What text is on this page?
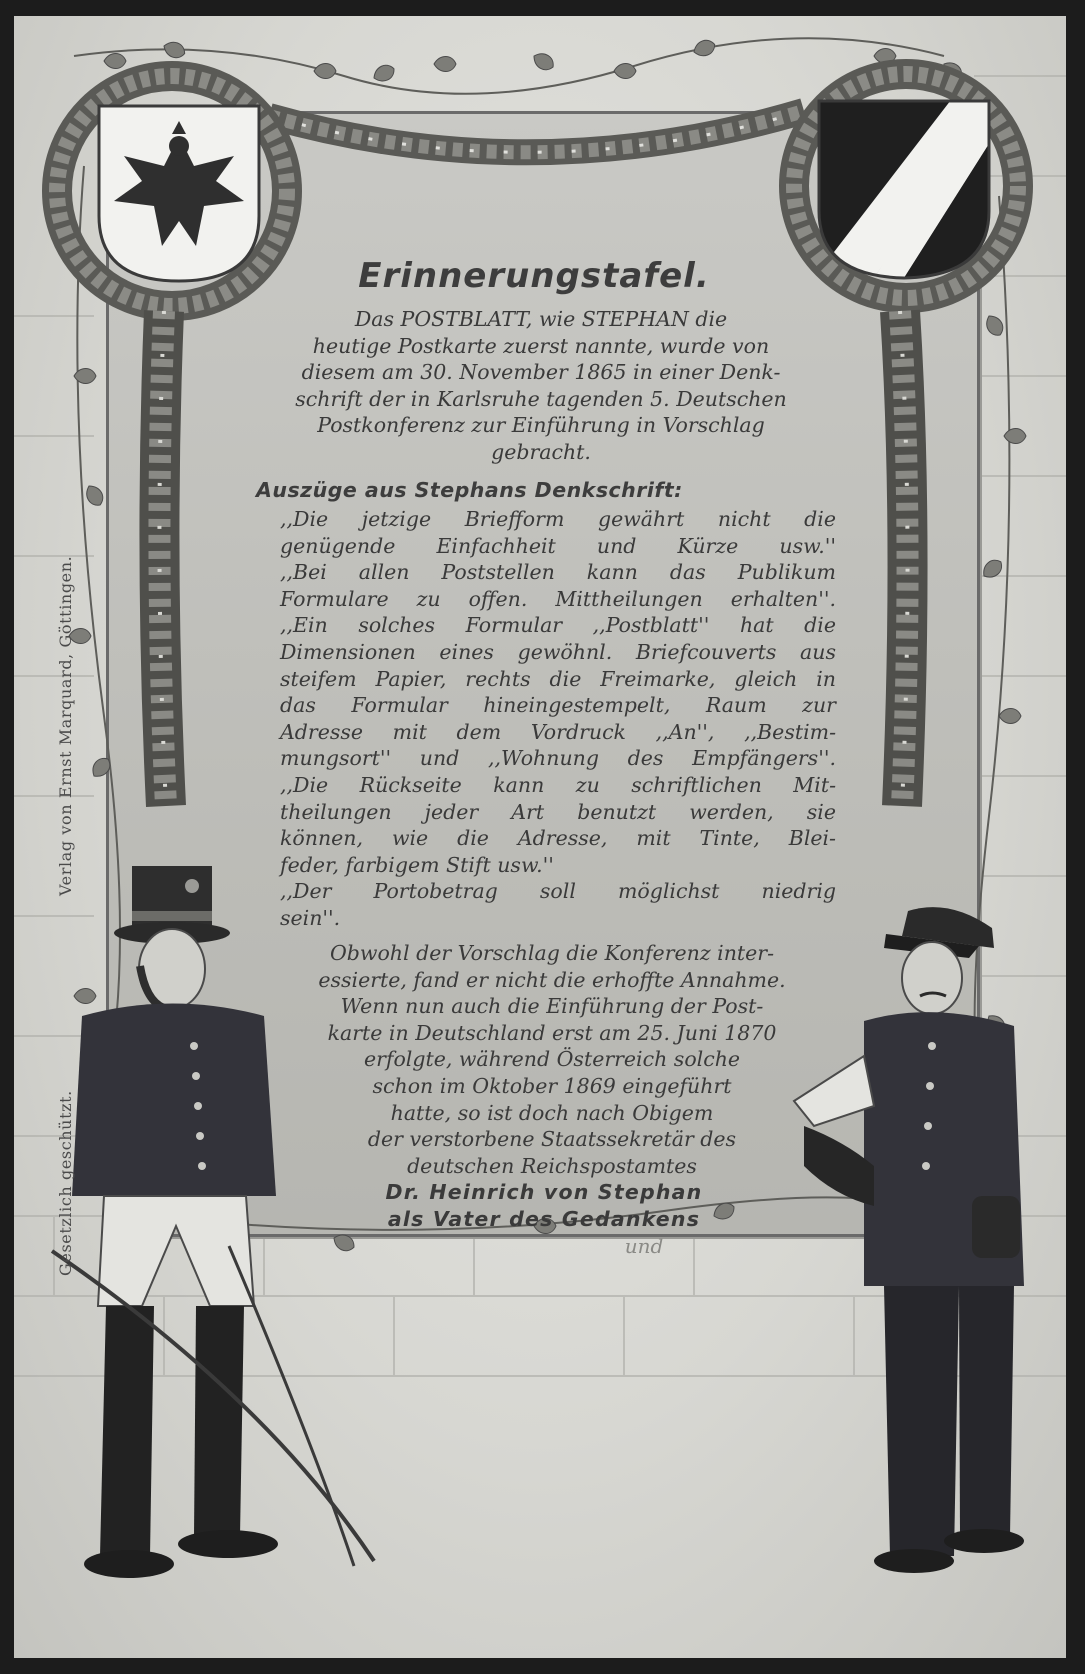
Erinnerungstafel.
Das POSTBLATT, wie STEPHAN die
heutige Postkarte zuerst nannte, wurde von
diesem am 30. November 1865 in einer Denk-
schrift der in Karlsruhe tagenden 5. Deutschen
Postkonferenz zur Einführung in Vorschlag
gebracht.
Auszüge aus Stephans Denkschrift:
,,Die jetzige Briefform gewährt nicht die
genügende Einfachheit und Kürze usw.''
,,Bei allen Poststellen kann das Publikum
Formulare zu offen. Mittheilungen erhalten''.
,,Ein solches Formular ,,Postblatt'' hat die
Dimensionen eines gewöhnl. Briefcouverts aus
steifem Papier, rechts die Freimarke, gleich in
das Formular hineingestempelt, Raum zur
Adresse mit dem Vordruck ,,An'', ,,Bestim-
mungsort'' und ,,Wohnung des Empfängers''.
,,Die Rückseite kann zu schriftlichen Mit-
theilungen jeder Art benutzt werden, sie
können, wie die Adresse, mit Tinte, Blei-
feder, farbigem Stift usw.''
,,Der Portobetrag soll möglichst niedrig
sein''.
Obwohl der Vorschlag die Konferenz inter-
essierte, fand er nicht die erhoffte Annahme.
Wenn nun auch die Einführung der Post-
karte in Deutschland erst am 25. Juni 1870
erfolgte, während Österreich solche
schon im Oktober 1869 eingeführt
hatte, so ist doch nach Obigem
der verstorbene Staatssekretär des
deutschen Reichspostamtes
Dr. Heinrich von Stephan
als Vater des Gedankens
und
Verlag von Ernst Marquard, Göttingen.
Gesetzlich geschützt.
